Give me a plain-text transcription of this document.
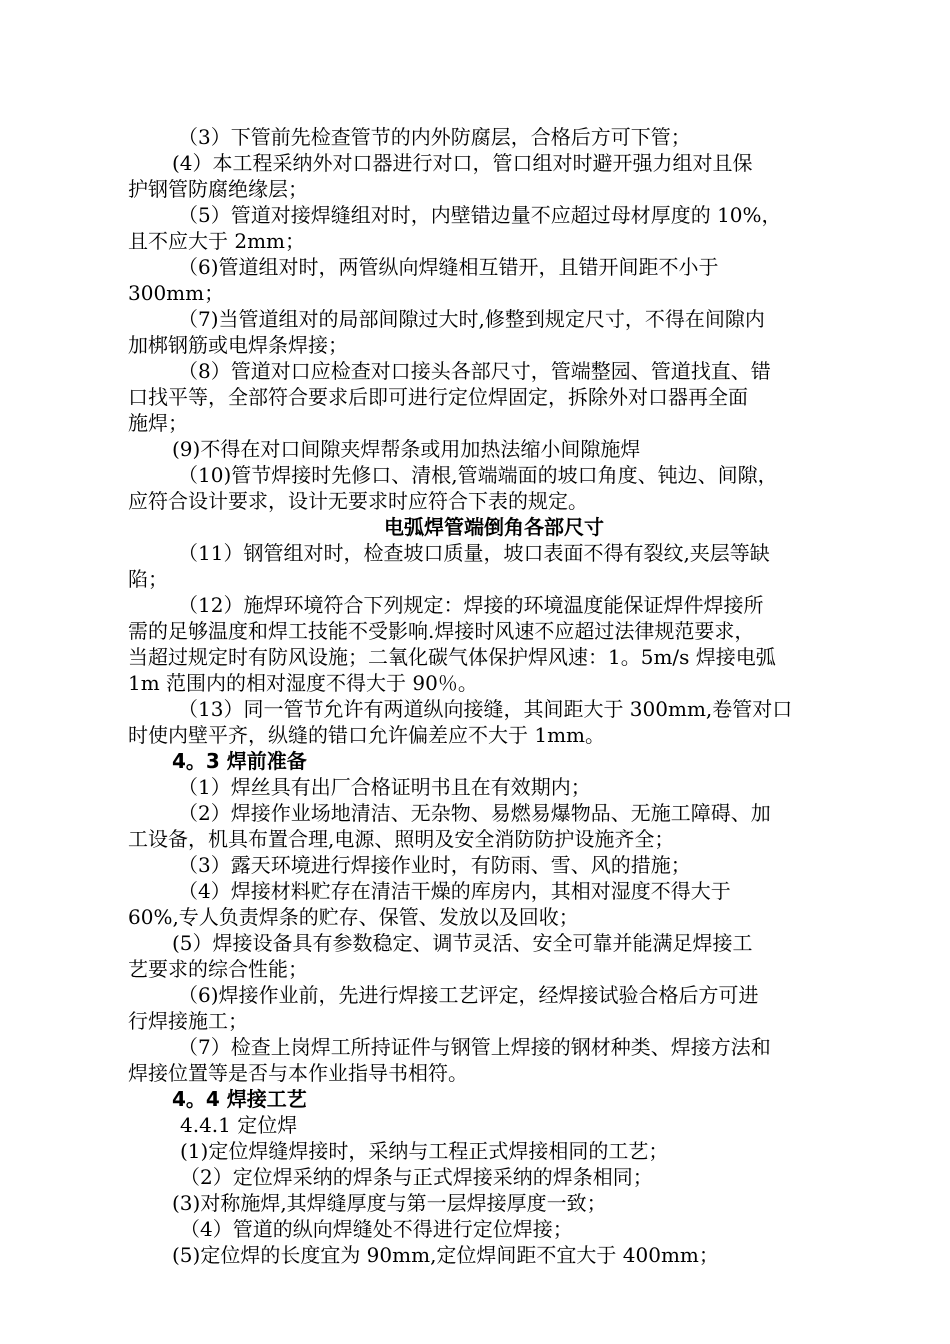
（3）下管前先检查管节的内外防腐层，合格后方可下管；
(4）本工程采纳外对口器进行对口，管口组对时避开强力组对且保
护钢管防腐绝缘层；
（5）管道对接焊缝组对时，内壁错边量不应超过母材厚度的 10%，
且不应大于 2mm；
（6)管道组对时，两管纵向焊缝相互错开，且错开间距不小于
300mm；
（7)当管道组对的局部间隙过大时,修整到规定尺寸，不得在间隙内
加梆钢筋或电焊条焊接；
（8）管道对口应检查对口接头各部尺寸，管端整园、管道找直、错
口找平等，全部符合要求后即可进行定位焊固定，拆除外对口器再全面
施焊；
(9)不得在对口间隙夹焊帮条或用加热法缩小间隙施焊
（10)管节焊接时先修口、清根,管端端面的坡口角度、钝边、间隙，
应符合设计要求，设计无要求时应符合下表的规定。
电弧焊管端倒角各部尺寸
（11）钢管组对时，检查坡口质量，坡口表面不得有裂纹,夹层等缺
陷；
（12）施焊环境符合下列规定：焊接的环境温度能保证焊件焊接所
需的足够温度和焊工技能不受影响.焊接时风速不应超过法律规范要求，
当超过规定时有防风设施；二氧化碳气体保护焊风速：1。5m/s 焊接电弧
1m 范围内的相对湿度不得大于 90％。
（13）同一管节允许有两道纵向接缝，其间距大于 300mm,卷管对口
时使内壁平齐，纵缝的错口允许偏差应不大于 1mm。
4。3 焊前准备
（1）焊丝具有出厂合格证明书且在有效期内；
（2）焊接作业场地清洁、无杂物、易燃易爆物品、无施工障碍、加
工设备，机具布置合理,电源、照明及安全消防防护设施齐全；
（3）露天环境进行焊接作业时，有防雨、雪、风的措施；
（4）焊接材料贮存在清洁干燥的库房内，其相对湿度不得大于
60%,专人负责焊条的贮存、保管、发放以及回收；
(5）焊接设备具有参数稳定、调节灵活、安全可靠并能满足焊接工
艺要求的综合性能；
（6)焊接作业前，先进行焊接工艺评定，经焊接试验合格后方可进
行焊接施工；
（7）检查上岗焊工所持证件与钢管上焊接的钢材种类、焊接方法和
焊接位置等是否与本作业指导书相符。
4。4 焊接工艺
4.4.1 定位焊
(1)定位焊缝焊接时，采纳与工程正式焊接相同的工艺；
（2）定位焊采纳的焊条与正式焊接采纳的焊条相同；
(3)对称施焊,其焊缝厚度与第一层焊接厚度一致；
（4）管道的纵向焊缝处不得进行定位焊接；
(5)定位焊的长度宜为 90mm,定位焊间距不宜大于 400mm；
